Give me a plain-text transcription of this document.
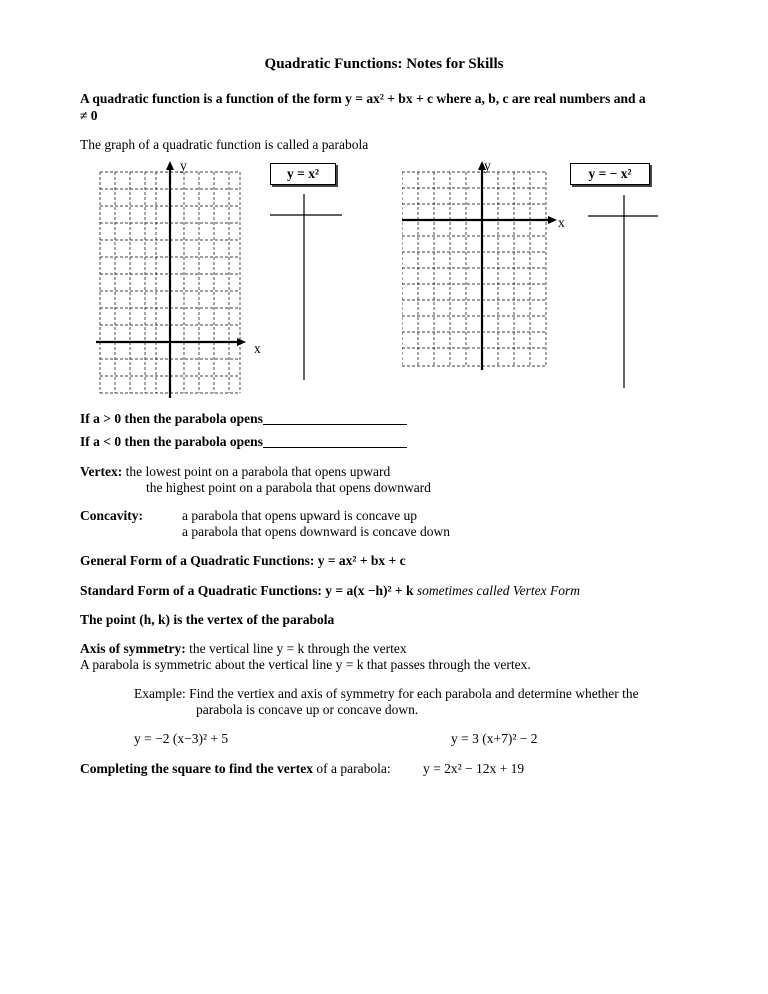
Quadratic Functions: Notes for Skills
A quadratic function is a function of the form y = ax² + bx + c where a, b, c are real numbers and a
≠ 0
The graph of a quadratic function is called a parabola
y
x
y = x²
y
x
y = − x²
If a > 0 then the parabola opens
If a < 0 then the parabola opens
Vertex: the lowest point on a parabola that opens upward
the highest point on a parabola that opens downward
Concavity:	a parabola that opens upward is concave up
a parabola that opens downward is concave down
General Form of a Quadratic Functions: y = ax² + bx + c
Standard Form of a Quadratic Functions: y = a(x −h)² + k sometimes called Vertex Form
The point (h, k) is the vertex of the parabola
Axis of symmetry: the vertical line y = k through the vertex
A parabola is symmetric about the vertical line y = k that passes through the vertex.
Example: Find the vertiex and axis of symmetry for each parabola and determine whether the
parabola is concave up or concave down.
y = −2 (x−3)² + 5	y = 3 (x+7)² − 2
Completing the square to find the vertex of a parabola: y = 2x² − 12x + 19
